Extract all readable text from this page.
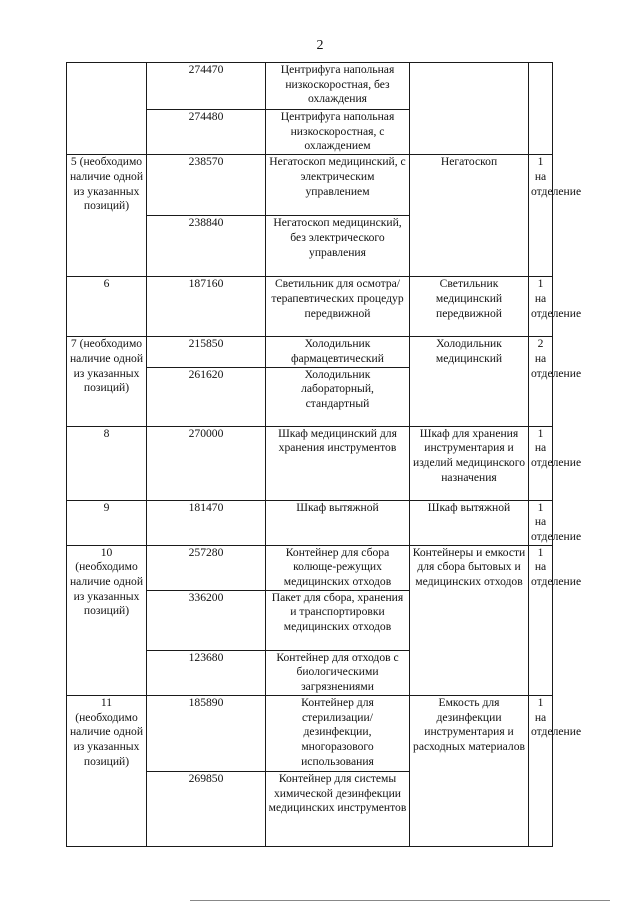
2
	274470	Центрифуга напольная низкоскоростная, без охлаждения		
	274480	Центрифуга напольная низкоскоростная, с охлаждением		
5 (необходимо наличие одной из указанных позиций)	238570	Негатоскоп медицинский, с электрическим управлением	Негатоскоп	1 на отделение
	238840	Негатоскоп медицинский, без электрического управления		
6	187160	Светильник для осмотра/ терапевтических процедур передвижной	Светильник медицинский передвижной	1 на отделение
7 (необходимо наличие одной из указанных позиций)	215850	Холодильник фармацевтический	Холодильник медицинский	2 на отделение
	261620	Холодильник лабораторный, стандартный		
8	270000	Шкаф медицинский для хранения инструментов	Шкаф для хранения инструментария и изделий медицинского назначения	1 на отделение
9	181470	Шкаф вытяжной	Шкаф вытяжной	1 на отделение
10 (необходимо наличие одной из указанных позиций)	257280	Контейнер для сбора колюще-режущих медицинских отходов	Контейнеры и емкости для сбора бытовых и медицинских отходов	1 на отделение
	336200	Пакет для сбора, хранения и транспортировки медицинских отходов		
	123680	Контейнер для отходов с биологическими загрязнениями		
11 (необходимо наличие одной из указанных позиций)	185890	Контейнер для стерилизации/ дезинфекции, многоразового использования	Емкость для дезинфекции инструментария и расходных материалов	1 на отделение
	269850	Контейнер для системы химической дезинфекции медицинских инструментов		
